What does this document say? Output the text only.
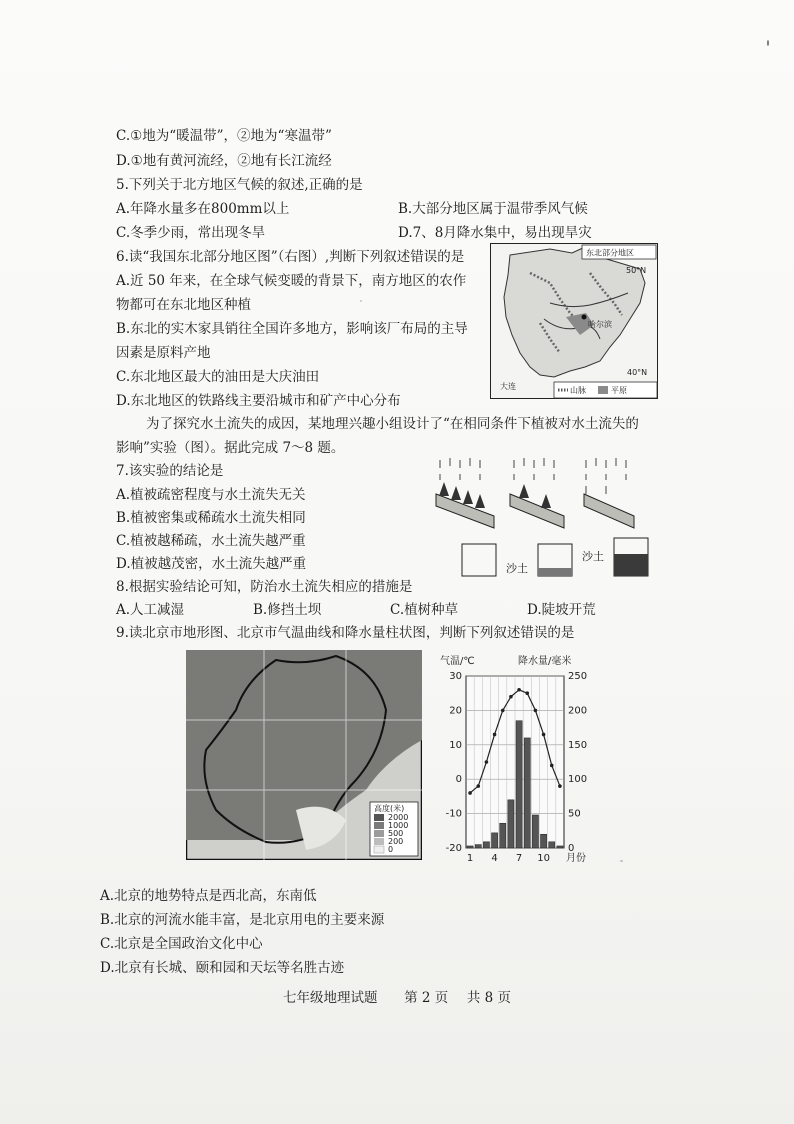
C.①地为“暖温带”，②地为“寒温带”
D.①地有黄河流经，②地有长江流经
5.下列关于北方地区气候的叙述,正确的是
A.年降水量多在800mm以上	B.大部分地区属于温带季风气候
C.冬季少雨，常出现冬旱	D.7、8月降水集中，易出现旱灾
6.读“我国东北部分地区图”（右图）,判断下列叙述错误的是
A.近 50 年来，在全球气候变暖的背景下，南方地区的农作
物都可在东北地区种植
B.东北的实木家具销往全国许多地方，影响该厂布局的主导
因素是原料产地
C.东北地区最大的油田是大庆油田
D.东北地区的铁路线主要沿城市和矿产中心分布
为了探究水土流失的成因，某地理兴趣小组设计了“在相同条件下植被对水土流失的
影响”实验（图）。据此完成 7～8 题。
7.该实验的结论是
A.植被疏密程度与水土流失无关
B.植被密集或稀疏水土流失相同
C.植被越稀疏，水土流失越严重
D.植被越茂密，水土流失越严重
8.根据实验结论可知，防治水土流失相应的措施是
A.人工减湿	B.修挡土坝	C.植树种草	D.陡坡开荒
9.读北京市地形图、北京市气温曲线和降水量柱状图，判断下列叙述错误的是
A.北京的地势特点是西北高，东南低
B.北京的河流水能丰富，是北京用电的主要来源
C.北京是全国政治文化中心
D.北京有长城、颐和园和天坛等名胜古迹
东北部分地区
50°N
40°N
哈尔滨
大连	山脉	平原
沙土
沙土
高度(米)
2000
1000
500
200
0
气温/℃	降水量/毫米
30
20
10
0
-10
-20
250
200
150
100
50
0
1 4 7 10 月份
七年级地理试题 第 2 页 共 8 页
